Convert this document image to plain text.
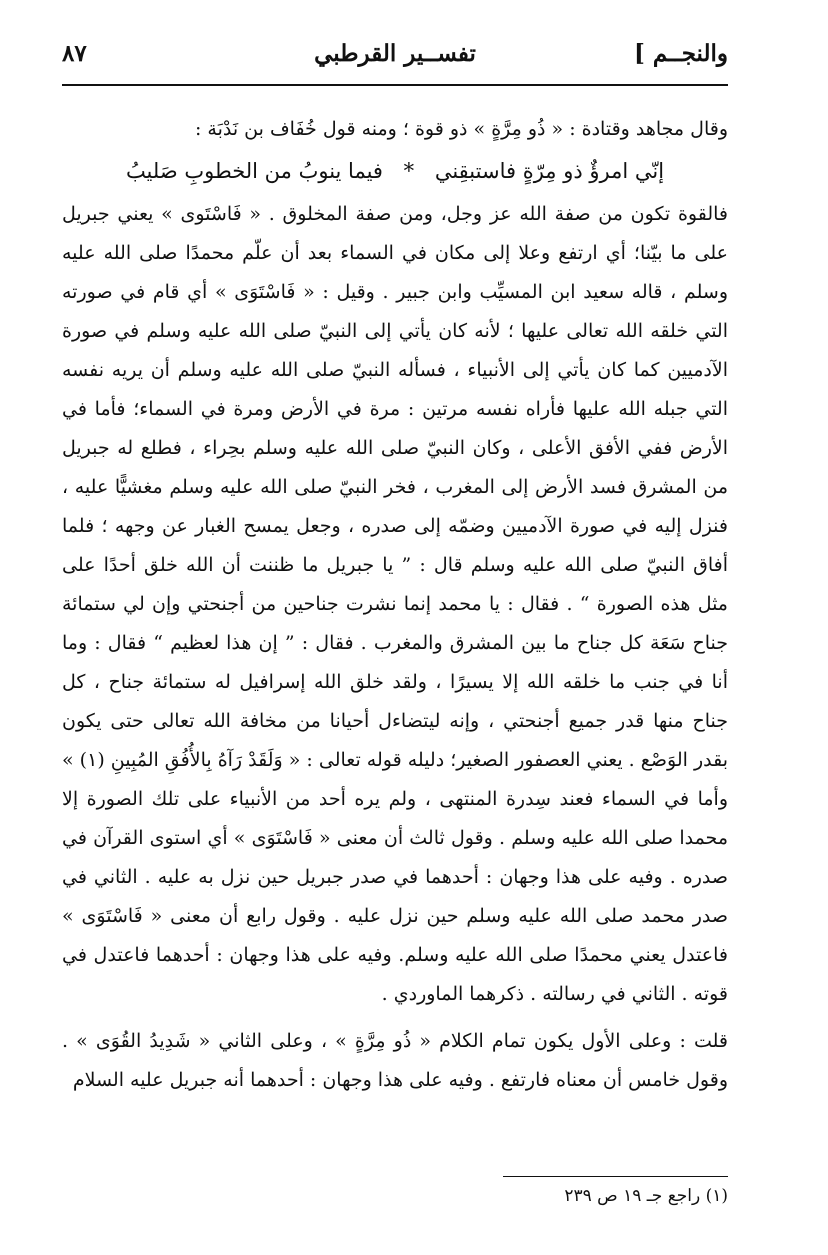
والنجــم ]
تفســير القرطبي
٨٧

وقال مجاهد وقتادة : « ذُو مِرَّةٍ » ذو قوة ؛ ومنه قول خُفَاف بن نَدْبَة :

إنّي امرؤٌ ذو مِرّةٍ فاستبقِني * فيما ينوبُ من الخطوبِ صَليبُ

فالقوة تكون من صفة الله عز وجل، ومن صفة المخلوق . « فَاسْتَوى » يعني جبريل على ما بيّنا؛ أي ارتفع وعلا إلى مكان في السماء بعد أن علّم محمدًا صلى الله عليه وسلم ، قاله سعيد ابن المسيِّب وابن جبير . وقيل : « فَاسْتَوَى » أي قام في صورته التي خلقه الله تعالى عليها ؛ لأنه كان يأتي إلى النبيّ صلى الله عليه وسلم في صورة الآدميين كما كان يأتي إلى الأنبياء ، فسأله النبيّ صلى الله عليه وسلم أن يريه نفسه التي جبله الله عليها فأراه نفسه مرتين : مرة في الأرض ومرة في السماء؛ فأما في الأرض ففي الأفق الأعلى ، وكان النبيّ صلى الله عليه وسلم بحِراء ، فطلع له جبريل من المشرق فسد الأرض إلى المغرب ، فخر النبيّ صلى الله عليه وسلم مغشيًّا عليه ، فنزل إليه في صورة الآدميين وضمّه إلى صدره ، وجعل يمسح الغبار عن وجهه ؛ فلما أفاق النبيّ صلى الله عليه وسلم قال : ” يا جبريل ما ظننت أن الله خلق أحدًا على مثل هذه الصورة “ . فقال : يا محمد إنما نشرت جناحين من أجنحتي وإن لي ستمائة جناح سَعَة كل جناح ما بين المشرق والمغرب . فقال : ” إن هذا لعظيم “ فقال : وما أنا في جنب ما خلقه الله إلا يسيرًا ، ولقد خلق الله إسرافيل له ستمائة جناح ، كل جناح منها قدر جميع أجنحتي ، وإنه ليتضاءل أحيانا من مخافة الله تعالى حتى يكون بقدر الوَصْع . يعني العصفور الصغير؛ دليله قوله تعالى : « وَلَقَدْ رَآهُ بِالأُفُقِ المُبِينِ (١) » وأما في السماء فعند سِدرة المنتهى ، ولم يره أحد من الأنبياء على تلك الصورة إلا محمدا صلى الله عليه وسلم . وقول ثالث أن معنى « فَاسْتَوَى » أي استوى القرآن في صدره . وفيه على هذا وجهان : أحدهما في صدر جبريل حين نزل به عليه . الثاني في صدر محمد صلى الله عليه وسلم حين نزل عليه . وقول رابع أن معنى « فَاسْتَوَى » فاعتدل يعني محمدًا صلى الله عليه وسلم. وفيه على هذا وجهان : أحدهما فاعتدل في قوته . الثاني في رسالته . ذكرهما الماوردي .

قلت : وعلى الأول يكون تمام الكلام « ذُو مِرَّةٍ » ، وعلى الثاني « شَدِيدُ القُوَى » . وقول خامس أن معناه فارتفع . وفيه على هذا وجهان : أحدهما أنه جبريل عليه السلام

(١) راجع جـ ١٩ ص ٢٣٩
